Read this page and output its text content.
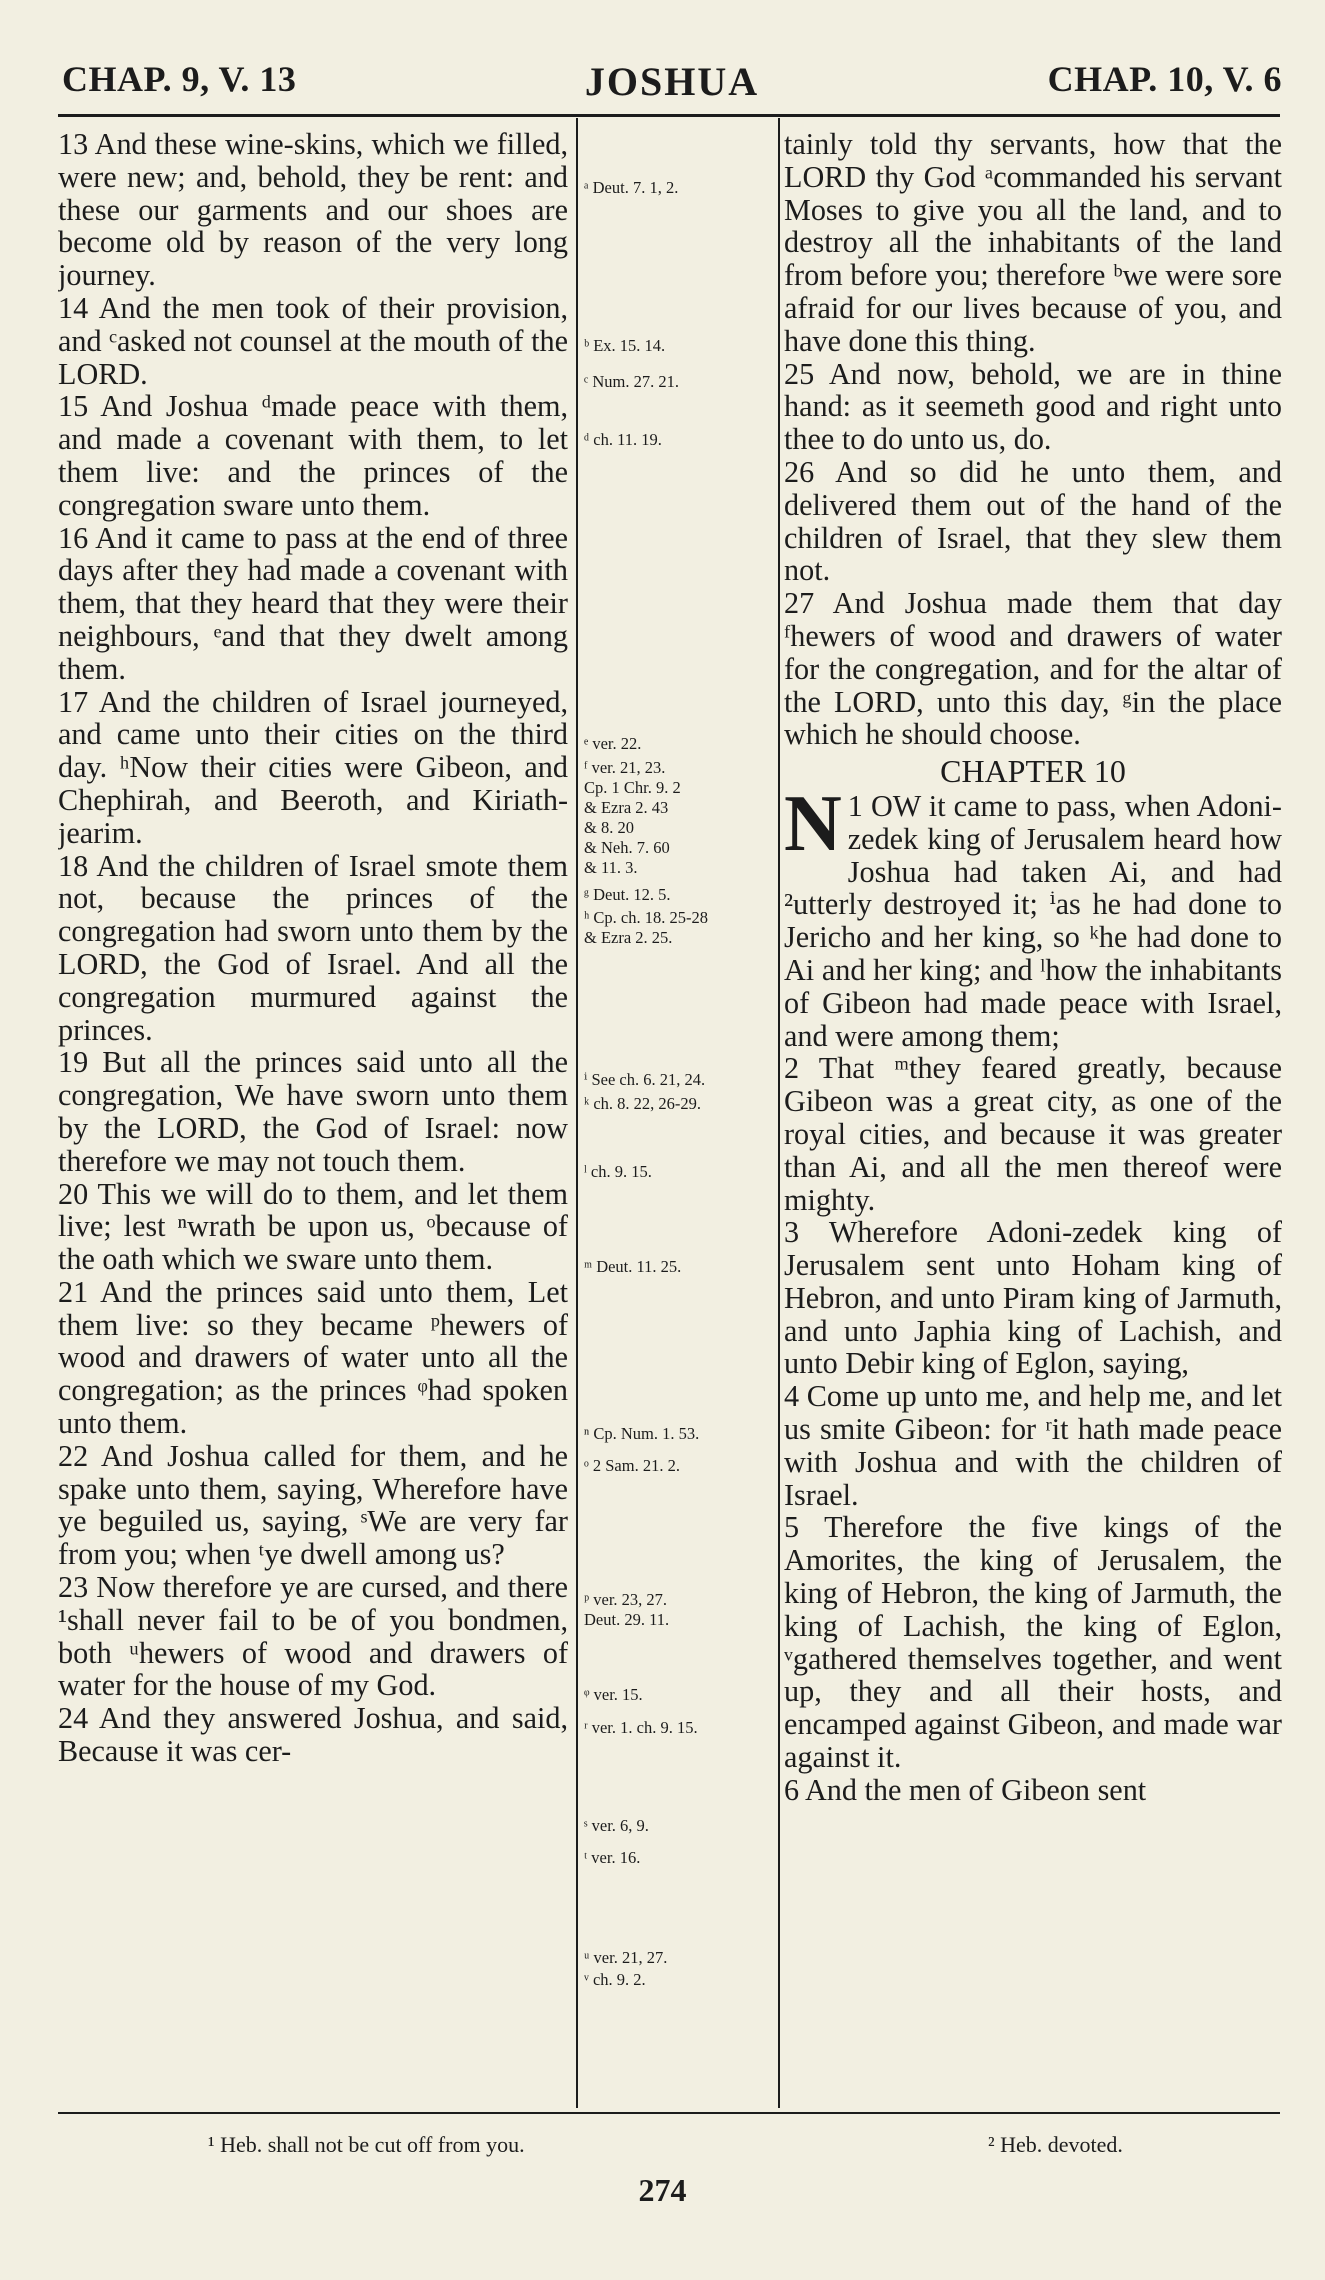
CHAP. 9, V. 13	JOSHUA	CHAP. 10, V. 6

13 And these wine-skins, which we filled, were new; and, behold, they be rent: and these our garments and our shoes are become old by reason of the very long journey.

14 And the men took of their provision, and ᶜasked not counsel at the mouth of the LORD.

15 And Joshua ᵈmade peace with them, and made a covenant with them, to let them live: and the princes of the congregation sware unto them.

16 And it came to pass at the end of three days after they had made a covenant with them, that they heard that they were their neighbours, ᵉand that they dwelt among them.

17 And the children of Israel journeyed, and came unto their cities on the third day. ʰNow their cities were Gibeon, and Chephirah, and Beeroth, and Kiriath-jearim.

18 And the children of Israel smote them not, because the princes of the congregation had sworn unto them by the LORD, the God of Israel. And all the congregation murmured against the princes.

19 But all the princes said unto all the congregation, We have sworn unto them by the LORD, the God of Israel: now therefore we may not touch them.

20 This we will do to them, and let them live; lest ⁿwrath be upon us, ᵒbecause of the oath which we sware unto them.

21 And the princes said unto them, Let them live: so they became ᵖhewers of wood and drawers of water unto all the congregation; as the princes ᵠhad spoken unto them.

22 And Joshua called for them, and he spake unto them, saying, Wherefore have ye beguiled us, saying, ˢWe are very far from you; when ᵗye dwell among us?

23 Now therefore ye are cursed, and there ¹shall never fail to be of you bondmen, both ᵘhewers of wood and drawers of water for the house of my God.

24 And they answered Joshua, and said, Because it was cer-

ᵃ Deut. 7. 1, 2.
ᵇ Ex. 15. 14.
ᶜ Num. 27. 21.
ᵈ ch. 11. 19.
ᵉ ver. 22.
ᶠ ver. 21, 23.
Cp. 1 Chr. 9. 2
& Ezra 2. 43
& 8. 20
& Neh. 7. 60
& 11. 3.
ᵍ Deut. 12. 5.
ʰ Cp. ch. 18. 25-28
& Ezra 2. 25.
ⁱ See ch. 6. 21, 24.
ᵏ ch. 8. 22, 26-29.
ˡ ch. 9. 15.
ᵐ Deut. 11. 25.
ⁿ Cp. Num. 1. 53.
ᵒ 2 Sam. 21. 2.
ᵖ ver. 23, 27.
Deut. 29. 11.
ᵠ ver. 15.
ʳ ver. 1. ch. 9. 15.
ˢ ver. 6, 9.
ᵗ ver. 16.
ᵘ ver. 21, 27.
ᵛ ch. 9. 2.

tainly told thy servants, how that the LORD thy God ᵃcommanded his servant Moses to give you all the land, and to destroy all the inhabitants of the land from before you; therefore ᵇwe were sore afraid for our lives because of you, and have done this thing.

25 And now, behold, we are in thine hand: as it seemeth good and right unto thee to do unto us, do.

26 And so did he unto them, and delivered them out of the hand of the children of Israel, that they slew them not.

27 And Joshua made them that day ᶠhewers of wood and drawers of water for the congregation, and for the altar of the LORD, unto this day, ᵍin the place which he should choose.

CHAPTER 10

1
N OW it came to pass, when Adoni-zedek king of Jerusalem heard how Joshua had taken Ai, and had ²utterly destroyed it; ⁱas he had done to Jericho and her king, so ᵏhe had done to Ai and her king; and ˡhow the inhabitants of Gibeon had made peace with Israel, and were among them;

2 That ᵐthey feared greatly, because Gibeon was a great city, as one of the royal cities, and because it was greater than Ai, and all the men thereof were mighty.

3 Wherefore Adoni-zedek king of Jerusalem sent unto Hoham king of Hebron, and unto Piram king of Jarmuth, and unto Japhia king of Lachish, and unto Debir king of Eglon, saying,

4 Come up unto me, and help me, and let us smite Gibeon: for ʳit hath made peace with Joshua and with the children of Israel.

5 Therefore the five kings of the Amorites, the king of Jerusalem, the king of Hebron, the king of Jarmuth, the king of Lachish, the king of Eglon, ᵛgathered themselves together, and went up, they and all their hosts, and encamped against Gibeon, and made war against it.

6 And the men of Gibeon sent

¹ Heb. shall not be cut off from you.	² Heb. devoted.
274
